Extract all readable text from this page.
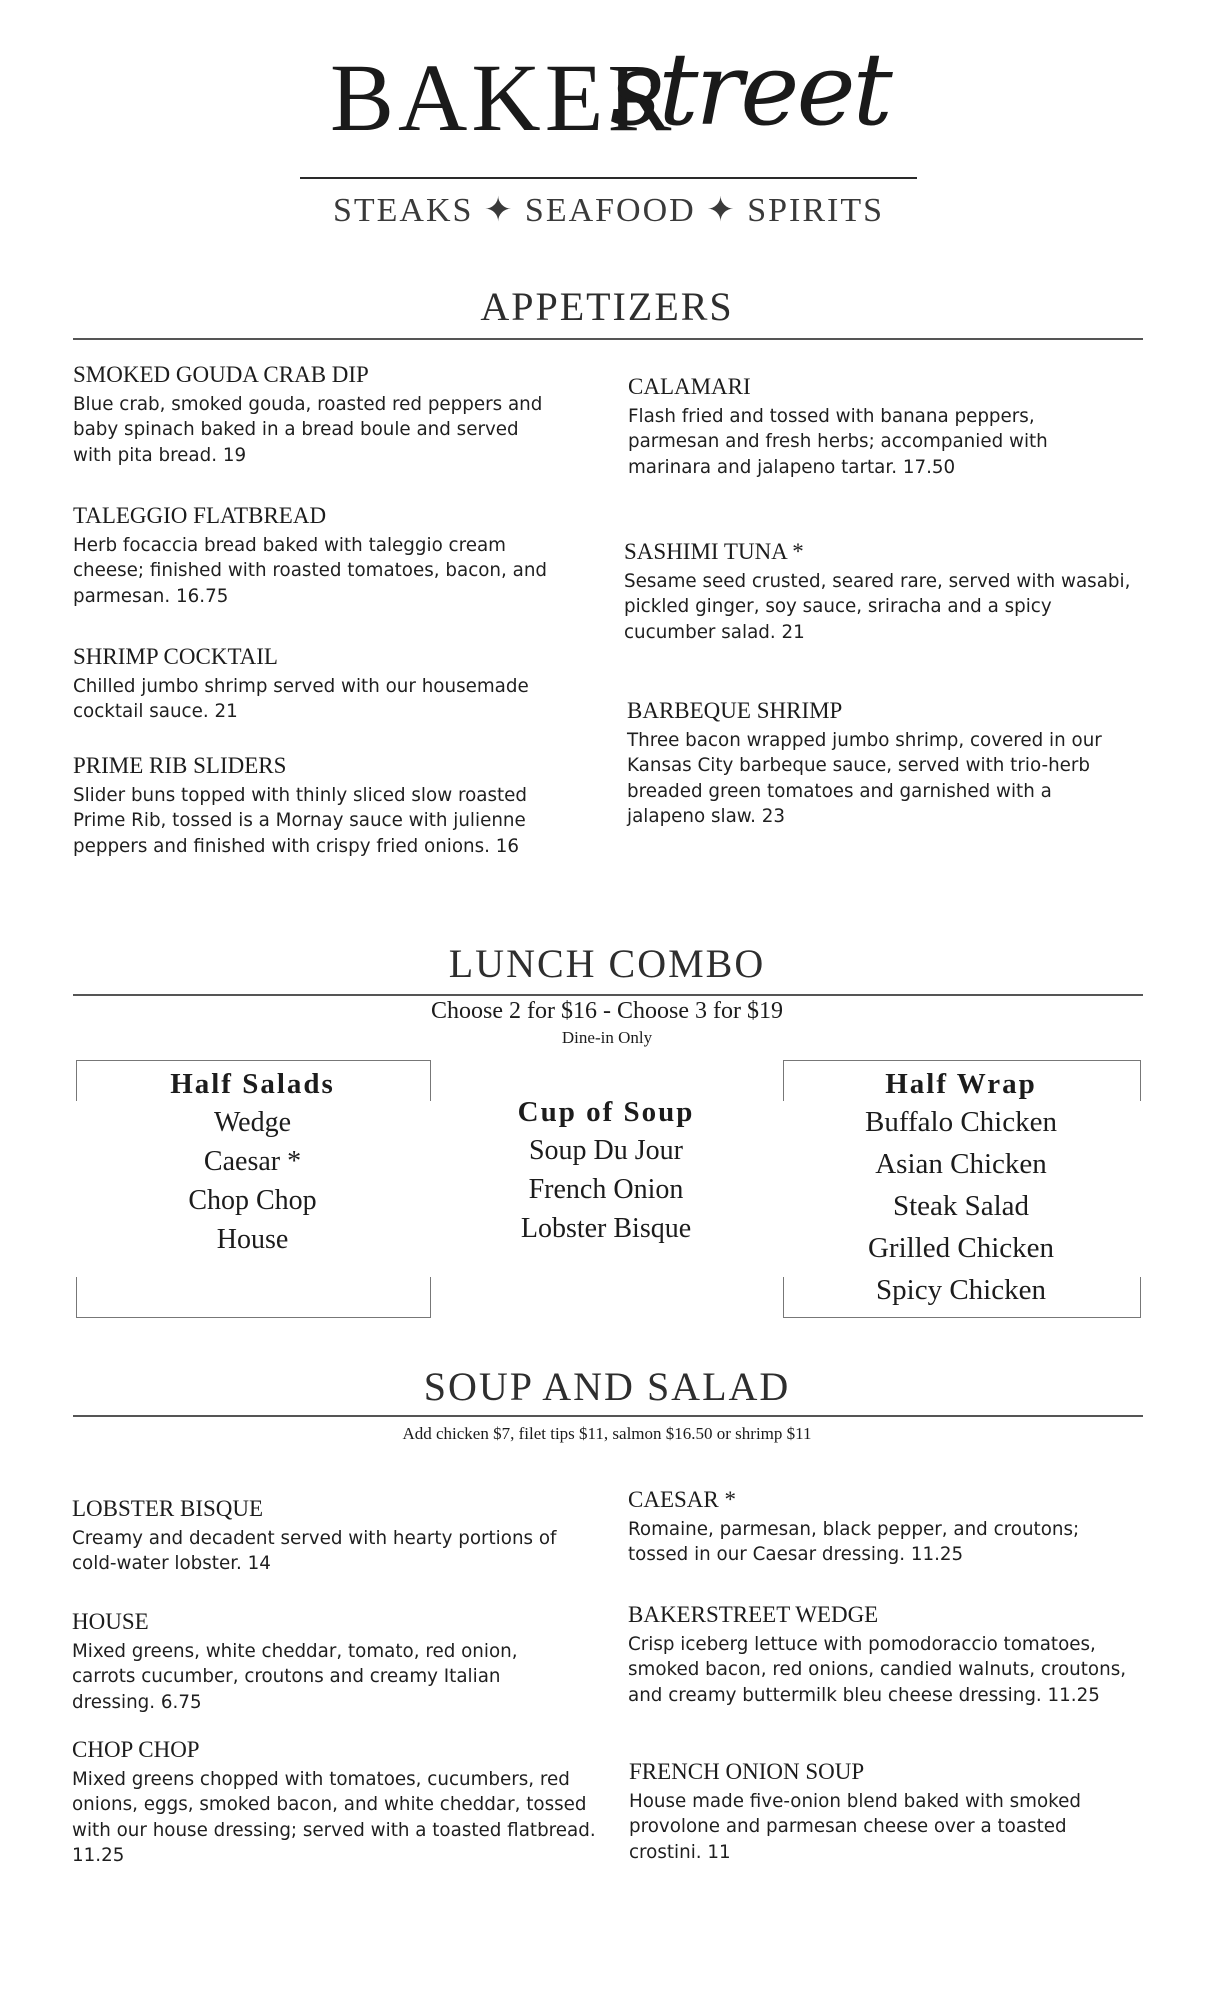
BAKER
street
STEAKS ✦ SEAFOOD ✦ SPIRITS
APPETIZERS
SMOKED GOUDA CRAB DIP
Blue crab, smoked gouda, roasted red peppers and baby spinach baked in a bread boule and served with pita bread. 19
TALEGGIO FLATBREAD
Herb focaccia bread baked with taleggio cream cheese; finished with roasted tomatoes, bacon, and parmesan. 16.75
SHRIMP COCKTAIL
Chilled jumbo shrimp served with our housemade cocktail sauce. 21
PRIME RIB SLIDERS
Slider buns topped with thinly sliced slow roasted Prime Rib, tossed is a Mornay sauce with julienne peppers and finished with crispy fried onions. 16
CALAMARI
Flash fried and tossed with banana peppers, parmesan and fresh herbs; accompanied with marinara and jalapeno tartar. 17.50
SASHIMI TUNA *
Sesame seed crusted, seared rare, served with wasabi, pickled ginger, soy sauce, sriracha and a spicy cucumber salad. 21
BARBEQUE SHRIMP
Three bacon wrapped jumbo shrimp, covered in our Kansas City barbeque sauce, served with trio-herb breaded green tomatoes and garnished with a jalapeno slaw. 23
LUNCH COMBO
Choose 2 for $16 - Choose 3 for $19
Dine-in Only
Half Salads
Wedge
Caesar *
Chop Chop
House
Cup of Soup
Soup Du Jour
French Onion
Lobster Bisque
Half Wrap
Buffalo Chicken
Asian Chicken
Steak Salad
Grilled Chicken
Spicy Chicken
SOUP AND SALAD
Add chicken $7, filet tips $11, salmon $16.50 or shrimp $11
LOBSTER BISQUE
Creamy and decadent served with hearty portions of cold-water lobster. 14
HOUSE
Mixed greens, white cheddar, tomato, red onion, carrots cucumber, croutons and creamy Italian dressing. 6.75
CHOP CHOP
Mixed greens chopped with tomatoes, cucumbers, red onions, eggs, smoked bacon, and white cheddar, tossed with our house dressing; served with a toasted flatbread. 11.25
CAESAR *
Romaine, parmesan, black pepper, and croutons; tossed in our Caesar dressing. 11.25
BAKERSTREET WEDGE
Crisp iceberg lettuce with pomodoraccio tomatoes, smoked bacon, red onions, candied walnuts, croutons, and creamy buttermilk bleu cheese dressing. 11.25
FRENCH ONION SOUP
House made five-onion blend baked with smoked provolone and parmesan cheese over a toasted crostini. 11
